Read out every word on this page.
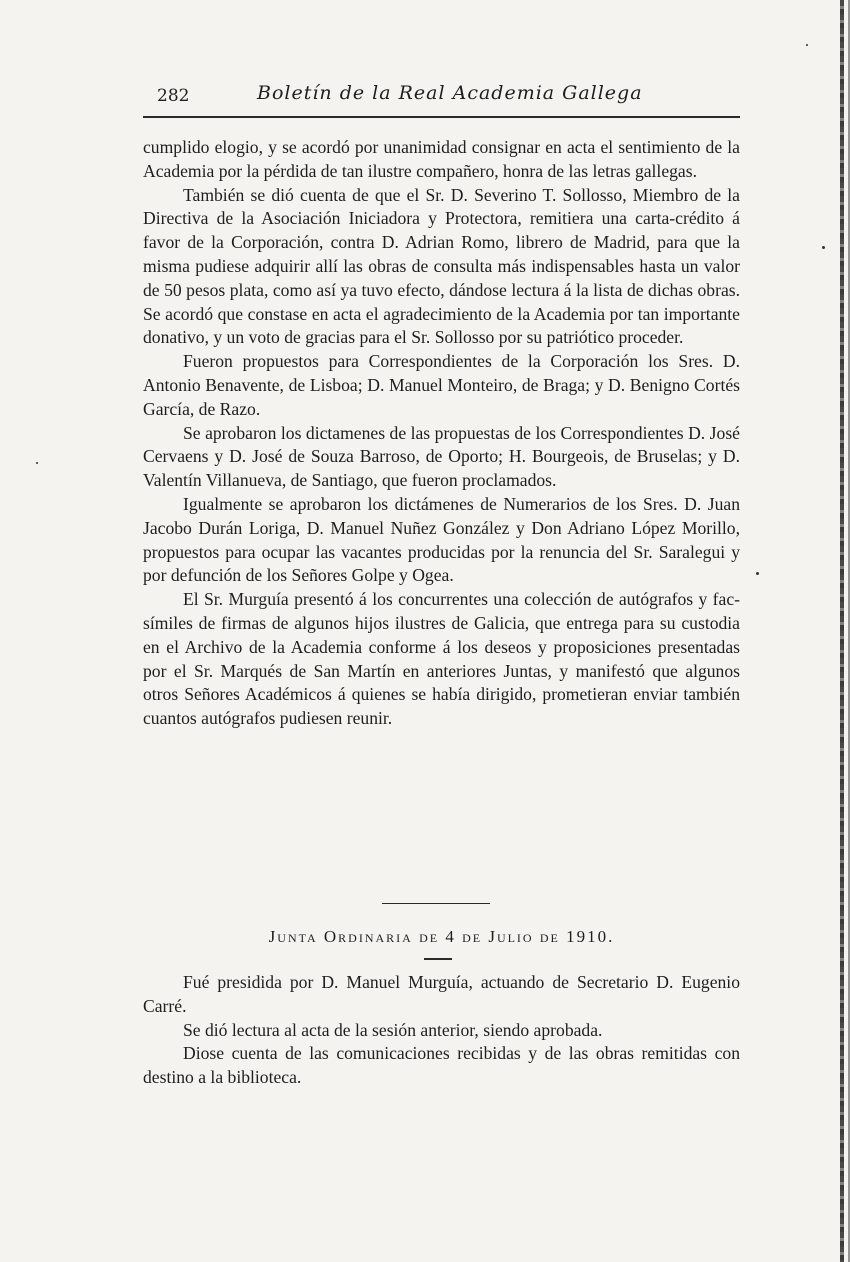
282	Boletín de la Real Academia Gallega

cumplido elogio, y se acordó por unanimidad consignar en acta el sentimiento de la Academia por la pérdida de tan ilustre compañero, honra de las letras gallegas.

También se dió cuenta de que el Sr. D. Severino T. Sollosso, Miembro de la Directiva de la Asociación Iniciadora y Protectora, remitiera una carta-crédito á favor de la Corporación, contra D. Adrian Romo, librero de Madrid, para que la misma pudiese adquirir allí las obras de consulta más indispensables hasta un valor de 50 pesos plata, como así ya tuvo efecto, dándose lectura á la lista de dichas obras. Se acordó que constase en acta el agradecimiento de la Academia por tan importante donativo, y un voto de gracias para el Sr. Sollosso por su patriótico proceder.

Fueron propuestos para Correspondientes de la Corporación los Sres. D. Antonio Benavente, de Lisboa; D. Manuel Monteiro, de Braga; y D. Benigno Cortés García, de Razo.

Se aprobaron los dictamenes de las propuestas de los Correspondientes D. José Cervaens y D. José de Souza Barroso, de Oporto; H. Bourgeois, de Bruselas; y D. Valentín Villanueva, de Santiago, que fueron proclamados.

Igualmente se aprobaron los dictámenes de Numerarios de los Sres. D. Juan Jacobo Durán Loriga, D. Manuel Nuñez González y Don Adriano López Morillo, propuestos para ocupar las vacantes producidas por la renuncia del Sr. Saralegui y por defunción de los Señores Golpe y Ogea.

El Sr. Murguía presentó á los concurrentes una colección de autógrafos y fac-símiles de firmas de algunos hijos ilustres de Galicia, que entrega para su custodia en el Archivo de la Academia conforme á los deseos y proposiciones presentadas por el Sr. Marqués de San Martín en anteriores Juntas, y manifestó que algunos otros Señores Académicos á quienes se había dirigido, prometieran enviar también cuantos autógrafos pudiesen reunir.

Junta Ordinaria de 4 de Julio de 1910.

Fué presidida por D. Manuel Murguía, actuando de Secretario D. Eugenio Carré.

Se dió lectura al acta de la sesión anterior, siendo aprobada.

Diose cuenta de las comunicaciones recibidas y de las obras remitidas con destino a la biblioteca.
